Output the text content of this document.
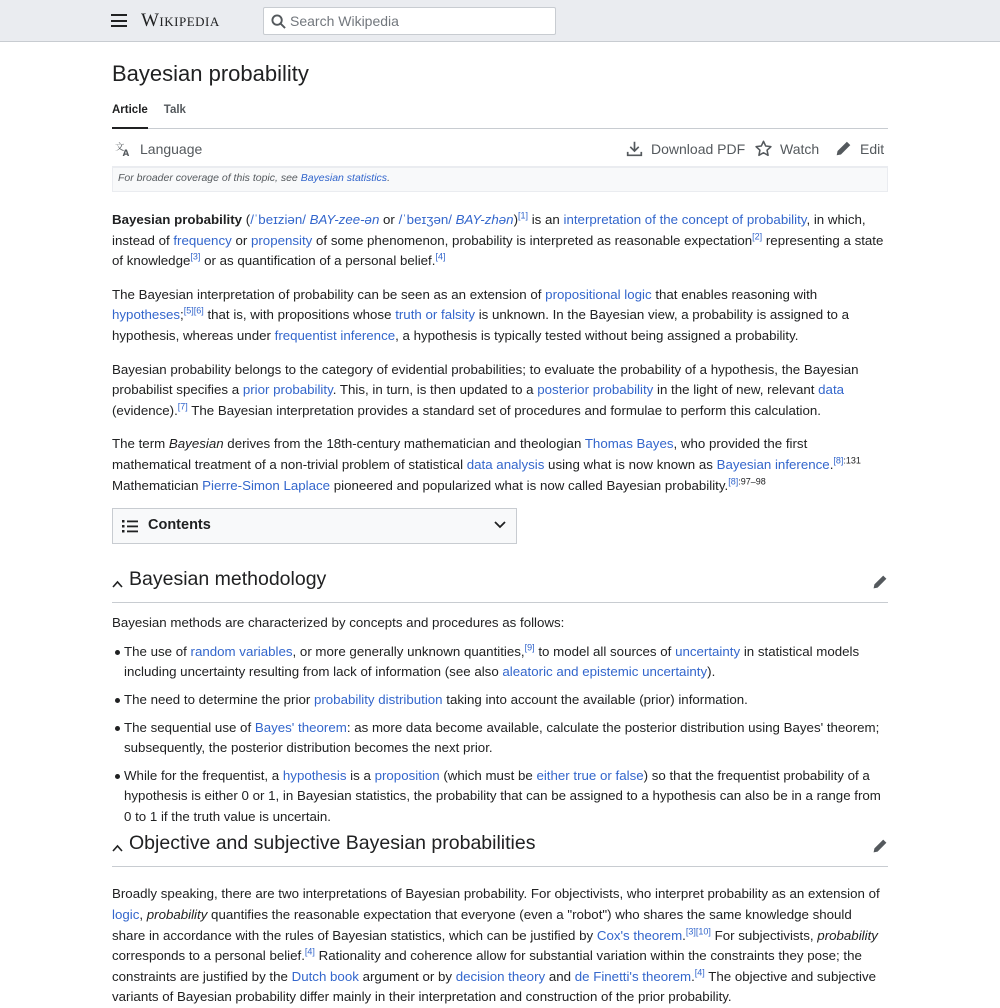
Wikipedia
Search Wikipedia
Bayesian probability
Article Talk
文
A Language	Download PDF Watch	Edit
For broader coverage of this topic, see Bayesian statistics.

Bayesian probability (/ˈbeɪziən/ BAY-zee-ən or /ˈbeɪʒən/ BAY-zhən)[1] is an interpretation of the concept of probability, in which, instead of frequency or propensity of some phenomenon, probability is interpreted as reasonable expectation[2] representing a state of knowledge[3] or as quantification of a personal belief.[4]

The Bayesian interpretation of probability can be seen as an extension of propositional logic that enables reasoning with hypotheses;[5][6] that is, with propositions whose truth or falsity is unknown. In the Bayesian view, a probability is assigned to a hypothesis, whereas under frequentist inference, a hypothesis is typically tested without being assigned a probability.

Bayesian probability belongs to the category of evidential probabilities; to evaluate the probability of a hypothesis, the Bayesian probabilist specifies a prior probability. This, in turn, is then updated to a posterior probability in the light of new, relevant data (evidence).[7] The Bayesian interpretation provides a standard set of procedures and formulae to perform this calculation.

The term Bayesian derives from the 18th-century mathematician and theologian Thomas Bayes, who provided the first mathematical treatment of a non-trivial problem of statistical data analysis using what is now known as Bayesian inference.$^{[8]:131}$ Mathematician Pierre-Simon Laplace pioneered and popularized what is now called Bayesian probability.$^{[8]:97-98}$

Contents
Bayesian methodology

Bayesian methods are characterized by concepts and procedures as follows:

The use of random variables, or more generally unknown quantities,[9] to model all sources of uncertainty in statistical models including uncertainty resulting from lack of information (see also aleatoric and epistemic uncertainty).
The need to determine the prior probability distribution taking into account the available (prior) information.
The sequential use of Bayes' theorem: as more data become available, calculate the posterior distribution using Bayes' theorem; subsequently, the posterior distribution becomes the next prior.
While for the frequentist, a hypothesis is a proposition (which must be either true or false) so that the frequentist probability of a hypothesis is either 0 or 1, in Bayesian statistics, the probability that can be assigned to a hypothesis can also be in a range from 0 to 1 if the truth value is uncertain.
Objective and subjective Bayesian probabilities

Broadly speaking, there are two interpretations of Bayesian probability. For objectivists, who interpret probability as an extension of logic, probability quantifies the reasonable expectation that everyone (even a "robot") who shares the same knowledge should share in accordance with the rules of Bayesian statistics, which can be justified by Cox's theorem.[3][10] For subjectivists, probability corresponds to a personal belief.[4] Rationality and coherence allow for substantial variation within the constraints they pose; the constraints are justified by the Dutch book argument or by decision theory and de Finetti's theorem.[4] The objective and subjective variants of Bayesian probability differ mainly in their interpretation and construction of the prior probability.
